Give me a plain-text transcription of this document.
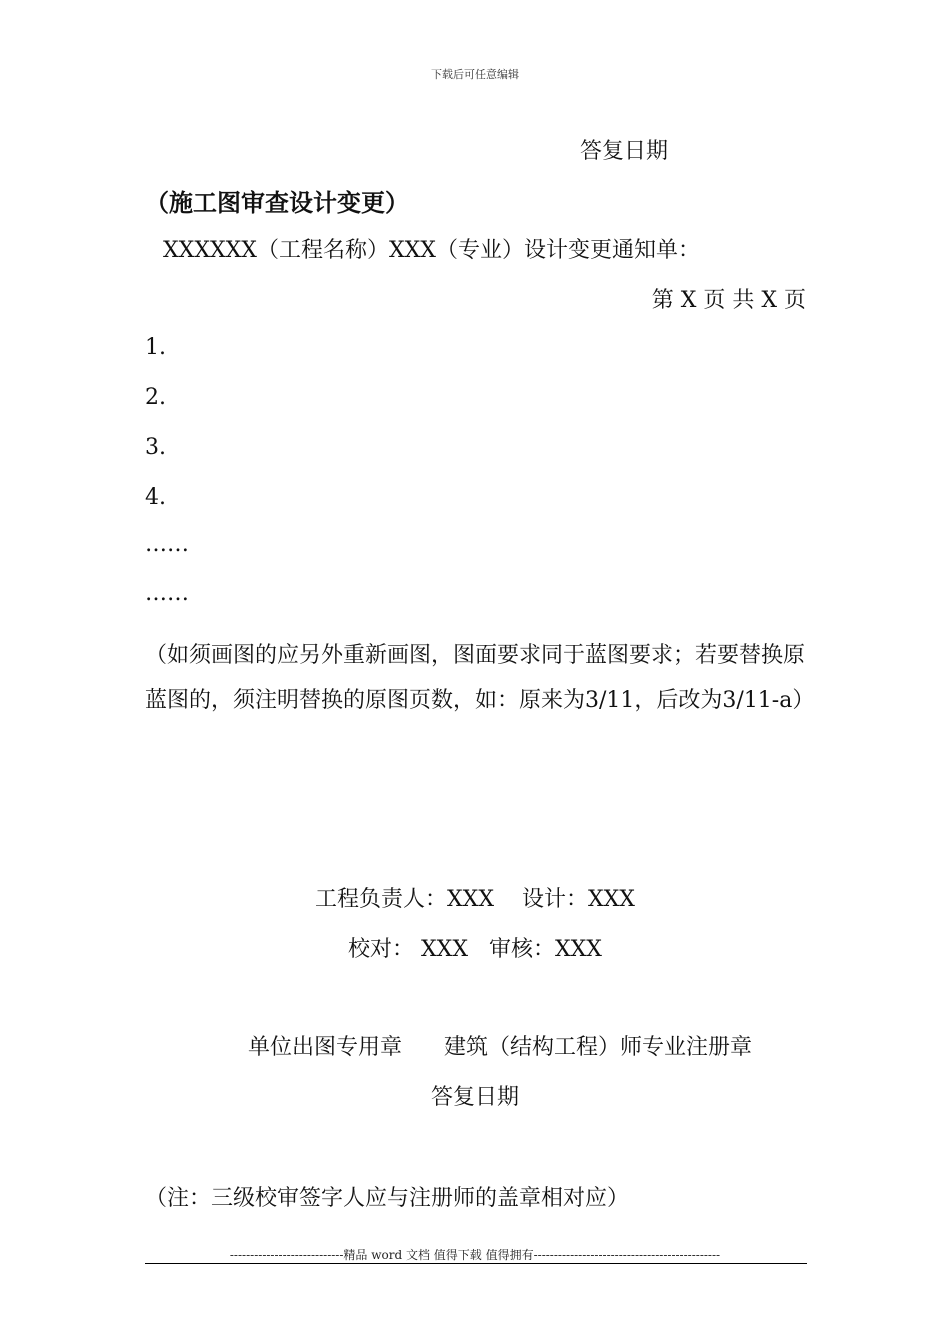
下载后可任意编辑
答复日期
（施工图审查设计变更）
XXXXXX（工程名称）XXX（专业）设计变更通知单：
第 X 页 共 X 页
1.
2.
3.
4.
……
……
（如须画图的应另外重新画图，图面要求同于蓝图要求；若要替换原蓝图的，须注明替换的原图页数，如：原来为3/11，后改为3/11-a）
工程负责人：XXX    设计：XXX
校对： XXX   审核：XXX
单位出图专用章      建筑（结构工程）师专业注册章
答复日期
（注：三级校审签字人应与注册师的盖章相对应）
----------------------------精品 word 文档 值得下载 值得拥有----------------------------------------------
